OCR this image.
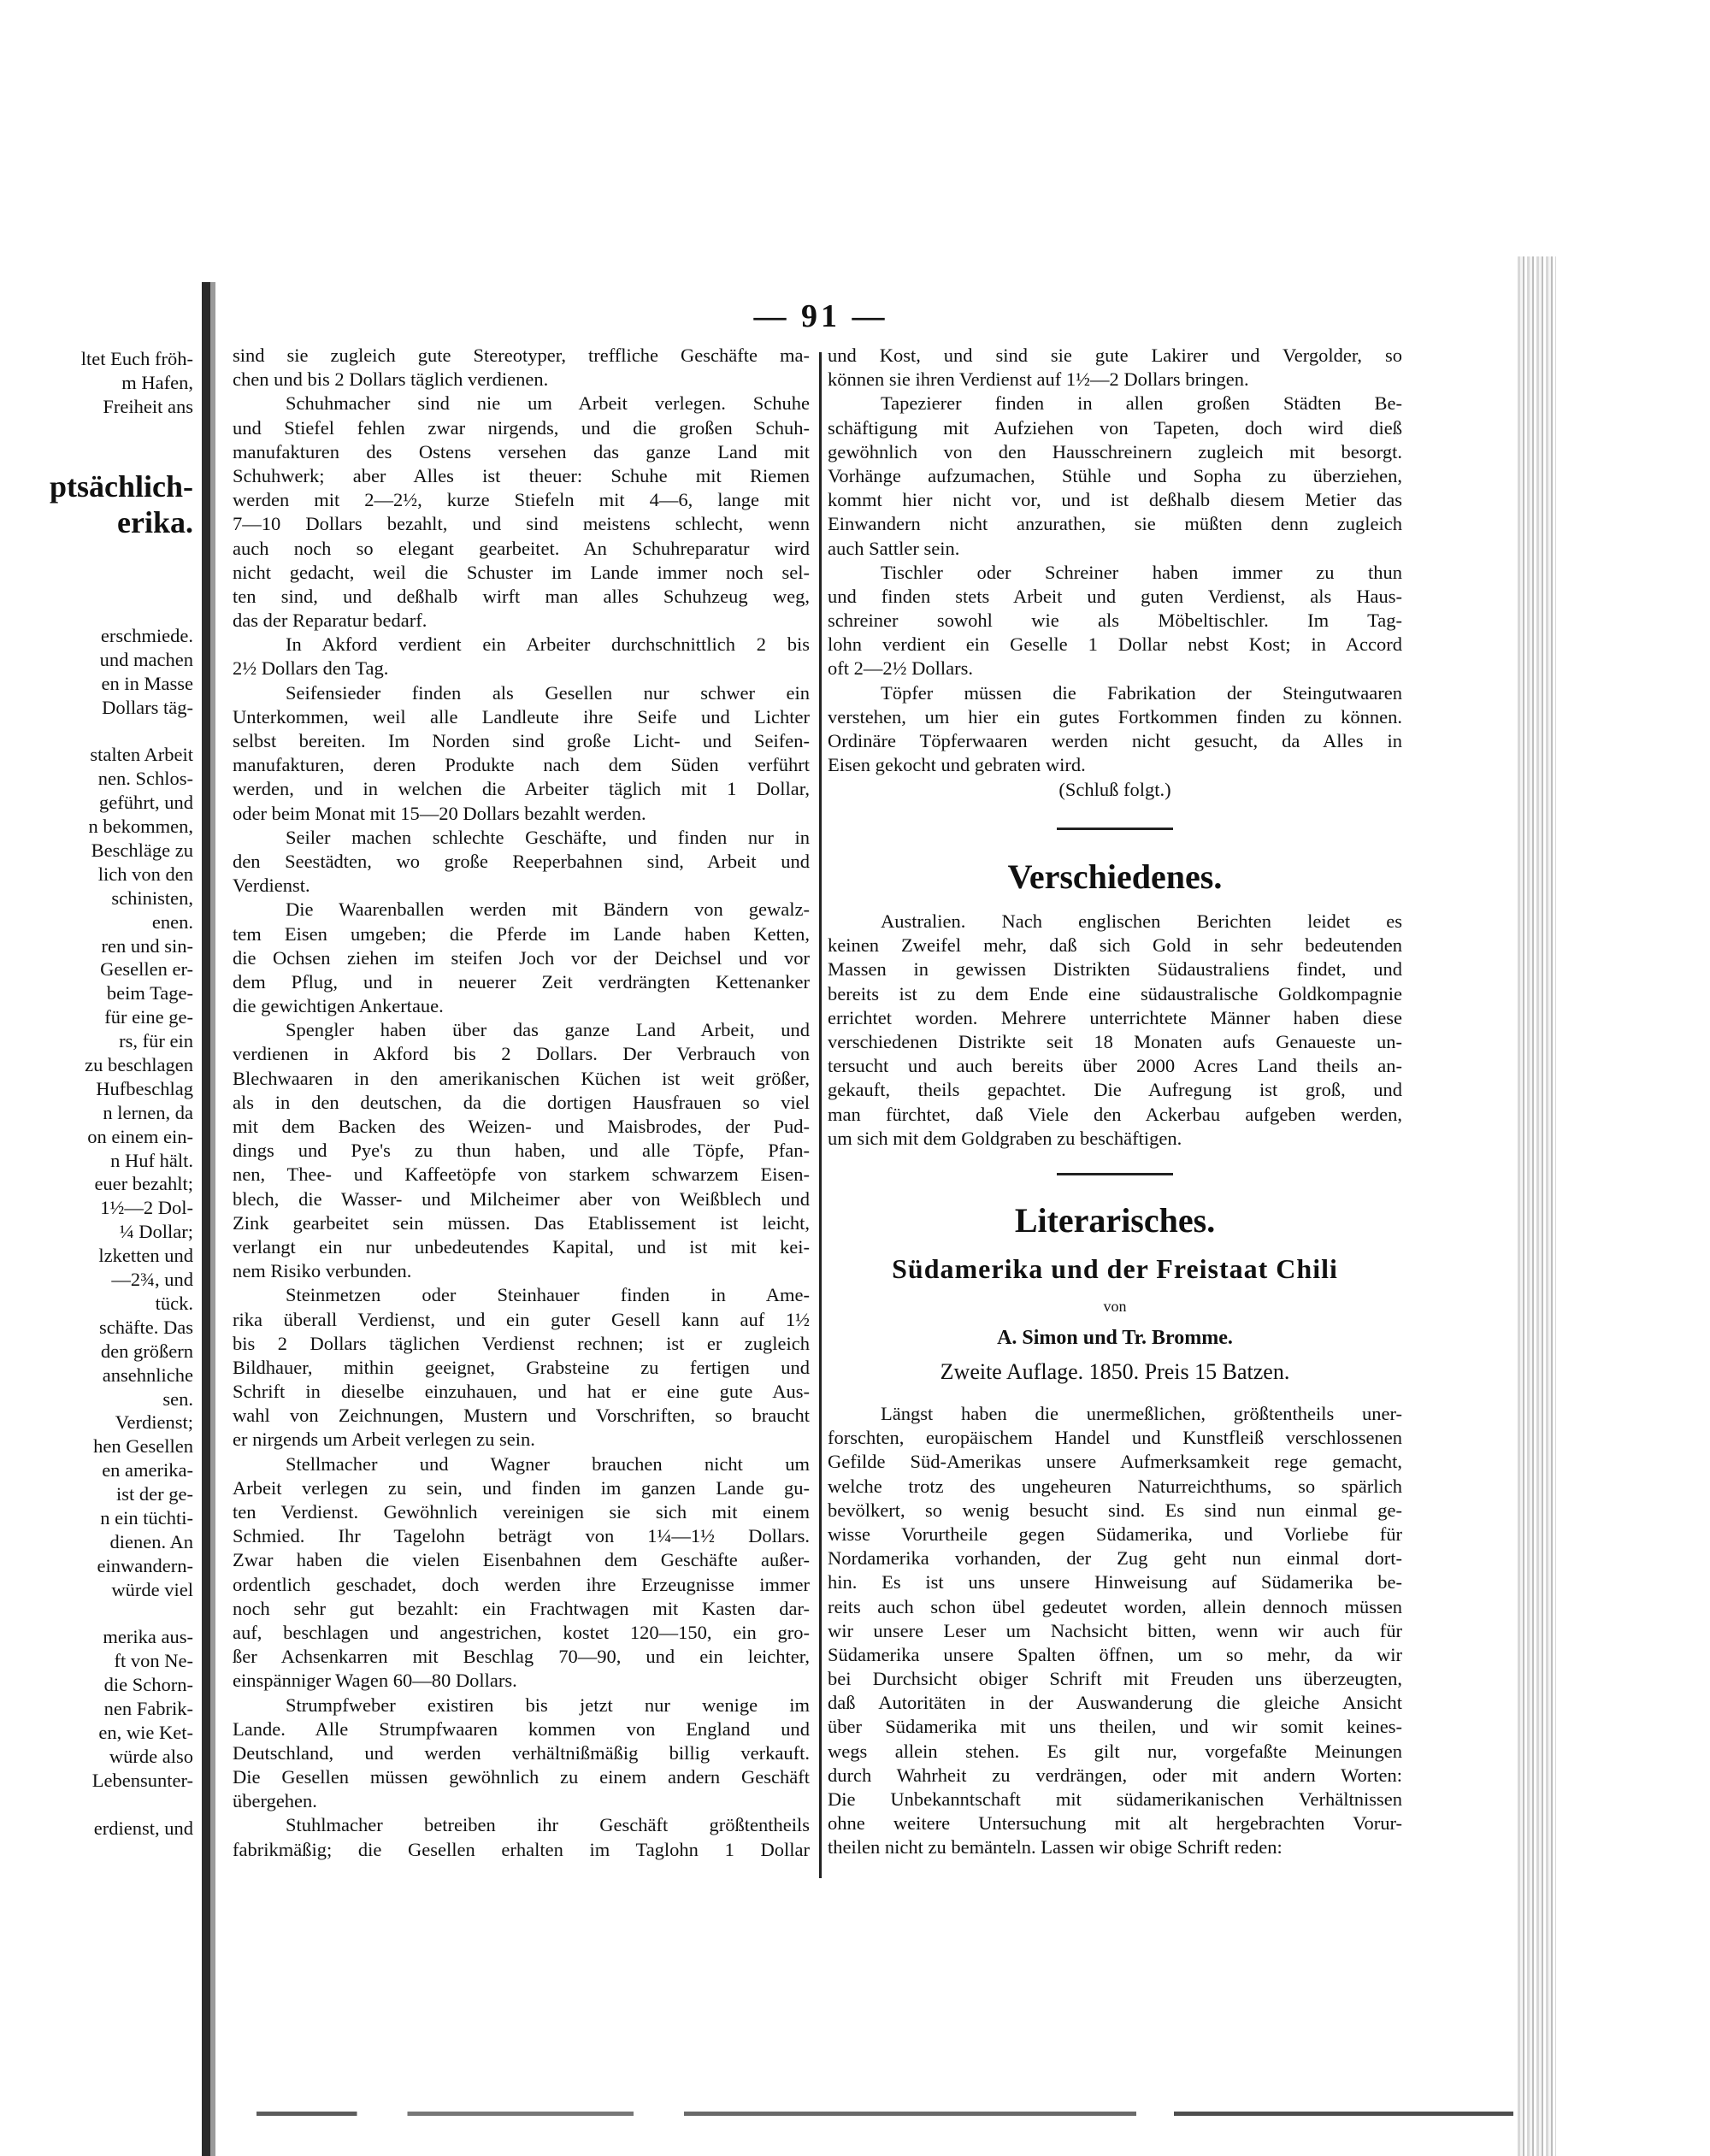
— 91 —
ltet Euch fröh-
m Hafen,
Freiheit ans
ptsächlich-
erika.
erschmiede.
und machen
en in Masse
Dollars täg-

stalten Arbeit
nen. Schlos-
geführt, und
n bekommen,
Beschläge zu
lich von den
schinisten,
enen.
ren und sin-
Gesellen er-
beim Tage-
für eine ge-
rs, für ein
zu beschlagen
Hufbeschlag
n lernen, da
on einem ein-
n Huf hält.
euer bezahlt;
1½—2 Dol-
¼ Dollar;
lzketten und
—2¾, und
tück.
schäfte. Das
den größern
ansehnliche
sen.
Verdienst;
hen Gesellen
en amerika-
ist der ge-
n ein tüchti-
dienen. An
einwandern-
würde viel

merika aus-
ft von Ne-
die Schorn-
nen Fabrik-
en, wie Ket-
würde also
Lebensunter-

erdienst, und
sind sie zugleich gute Stereotyper, treffliche Geschäfte ma-
chen und bis 2 Dollars täglich verdienen.
Schuhmacher sind nie um Arbeit verlegen. Schuhe
und Stiefel fehlen zwar nirgends, und die großen Schuh-
manufakturen des Ostens versehen das ganze Land mit
Schuhwerk; aber Alles ist theuer: Schuhe mit Riemen
werden mit 2—2½, kurze Stiefeln mit 4—6, lange mit
7—10 Dollars bezahlt, und sind meistens schlecht, wenn
auch noch so elegant gearbeitet. An Schuhreparatur wird
nicht gedacht, weil die Schuster im Lande immer noch sel-
ten sind, und deßhalb wirft man alles Schuhzeug weg,
das der Reparatur bedarf.
In Akford verdient ein Arbeiter durchschnittlich 2 bis
2½ Dollars den Tag.
Seifensieder finden als Gesellen nur schwer ein
Unterkommen, weil alle Landleute ihre Seife und Lichter
selbst bereiten. Im Norden sind große Licht- und Seifen-
manufakturen, deren Produkte nach dem Süden verführt
werden, und in welchen die Arbeiter täglich mit 1 Dollar,
oder beim Monat mit 15—20 Dollars bezahlt werden.
Seiler machen schlechte Geschäfte, und finden nur in
den Seestädten, wo große Reeperbahnen sind, Arbeit und
Verdienst.
Die Waarenballen werden mit Bändern von gewalz-
tem Eisen umgeben; die Pferde im Lande haben Ketten,
die Ochsen ziehen im steifen Joch vor der Deichsel und vor
dem Pflug, und in neuerer Zeit verdrängten Kettenanker
die gewichtigen Ankertaue.
Spengler haben über das ganze Land Arbeit, und
verdienen in Akford bis 2 Dollars. Der Verbrauch von
Blechwaaren in den amerikanischen Küchen ist weit größer,
als in den deutschen, da die dortigen Hausfrauen so viel
mit dem Backen des Weizen- und Maisbrodes, der Pud-
dings und Pye's zu thun haben, und alle Töpfe, Pfan-
nen, Thee- und Kaffeetöpfe von starkem schwarzem Eisen-
blech, die Wasser- und Milcheimer aber von Weißblech und
Zink gearbeitet sein müssen. Das Etablissement ist leicht,
verlangt ein nur unbedeutendes Kapital, und ist mit kei-
nem Risiko verbunden.
Steinmetzen oder Steinhauer finden in Ame-
rika überall Verdienst, und ein guter Gesell kann auf 1½
bis 2 Dollars täglichen Verdienst rechnen; ist er zugleich
Bildhauer, mithin geeignet, Grabsteine zu fertigen und
Schrift in dieselbe einzuhauen, und hat er eine gute Aus-
wahl von Zeichnungen, Mustern und Vorschriften, so braucht
er nirgends um Arbeit verlegen zu sein.
Stellmacher und Wagner brauchen nicht um
Arbeit verlegen zu sein, und finden im ganzen Lande gu-
ten Verdienst. Gewöhnlich vereinigen sie sich mit einem
Schmied. Ihr Tagelohn beträgt von 1¼—1½ Dollars.
Zwar haben die vielen Eisenbahnen dem Geschäfte außer-
ordentlich geschadet, doch werden ihre Erzeugnisse immer
noch sehr gut bezahlt: ein Frachtwagen mit Kasten dar-
auf, beschlagen und angestrichen, kostet 120—150, ein gro-
ßer Achsenkarren mit Beschlag 70—90, und ein leichter,
einspänniger Wagen 60—80 Dollars.
Strumpfweber existiren bis jetzt nur wenige im
Lande. Alle Strumpfwaaren kommen von England und
Deutschland, und werden verhältnißmäßig billig verkauft.
Die Gesellen müssen gewöhnlich zu einem andern Geschäft
übergehen.
Stuhlmacher betreiben ihr Geschäft größtentheils
fabrikmäßig; die Gesellen erhalten im Taglohn 1 Dollar
und Kost, und sind sie gute Lakirer und Vergolder, so
können sie ihren Verdienst auf 1½—2 Dollars bringen.
Tapezierer finden in allen großen Städten Be-
schäftigung mit Aufziehen von Tapeten, doch wird dieß
gewöhnlich von den Hausschreinern zugleich mit besorgt.
Vorhänge aufzumachen, Stühle und Sopha zu überziehen,
kommt hier nicht vor, und ist deßhalb diesem Metier das
Einwandern nicht anzurathen, sie müßten denn zugleich
auch Sattler sein.
Tischler oder Schreiner haben immer zu thun
und finden stets Arbeit und guten Verdienst, als Haus-
schreiner sowohl wie als Möbeltischler. Im Tag-
lohn verdient ein Geselle 1 Dollar nebst Kost; in Accord
oft 2—2½ Dollars.
Töpfer müssen die Fabrikation der Steingutwaaren
verstehen, um hier ein gutes Fortkommen finden zu können.
Ordinäre Töpferwaaren werden nicht gesucht, da Alles in
Eisen gekocht und gebraten wird.
(Schluß folgt.)
Verschiedenes.
Australien. Nach englischen Berichten leidet es
keinen Zweifel mehr, daß sich Gold in sehr bedeutenden
Massen in gewissen Distrikten Südaustraliens findet, und
bereits ist zu dem Ende eine südaustralische Goldkompagnie
errichtet worden. Mehrere unterrichtete Männer haben diese
verschiedenen Distrikte seit 18 Monaten aufs Genaueste un-
tersucht und auch bereits über 2000 Acres Land theils an-
gekauft, theils gepachtet. Die Aufregung ist groß, und
man fürchtet, daß Viele den Ackerbau aufgeben werden,
um sich mit dem Goldgraben zu beschäftigen.
Literarisches.
Südamerika und der Freistaat Chili
von
A. Simon und Tr. Bromme.
Zweite Auflage. 1850. Preis 15 Batzen.
Längst haben die unermeßlichen, größtentheils uner-
forschten, europäischem Handel und Kunstfleiß verschlossenen
Gefilde Süd-Amerikas unsere Aufmerksamkeit rege gemacht,
welche trotz des ungeheuren Naturreichthums, so spärlich
bevölkert, so wenig besucht sind. Es sind nun einmal ge-
wisse Vorurtheile gegen Südamerika, und Vorliebe für
Nordamerika vorhanden, der Zug geht nun einmal dort-
hin. Es ist uns unsere Hinweisung auf Südamerika be-
reits auch schon übel gedeutet worden, allein dennoch müssen
wir unsere Leser um Nachsicht bitten, wenn wir auch für
Südamerika unsere Spalten öffnen, um so mehr, da wir
bei Durchsicht obiger Schrift mit Freuden uns überzeugten,
daß Autoritäten in der Auswanderung die gleiche Ansicht
über Südamerika mit uns theilen, und wir somit keines-
wegs allein stehen. Es gilt nur, vorgefaßte Meinungen
durch Wahrheit zu verdrängen, oder mit andern Worten:
Die Unbekanntschaft mit südamerikanischen Verhältnissen
ohne weitere Untersuchung mit alt hergebrachten Vorur-
theilen nicht zu bemänteln. Lassen wir obige Schrift reden:
